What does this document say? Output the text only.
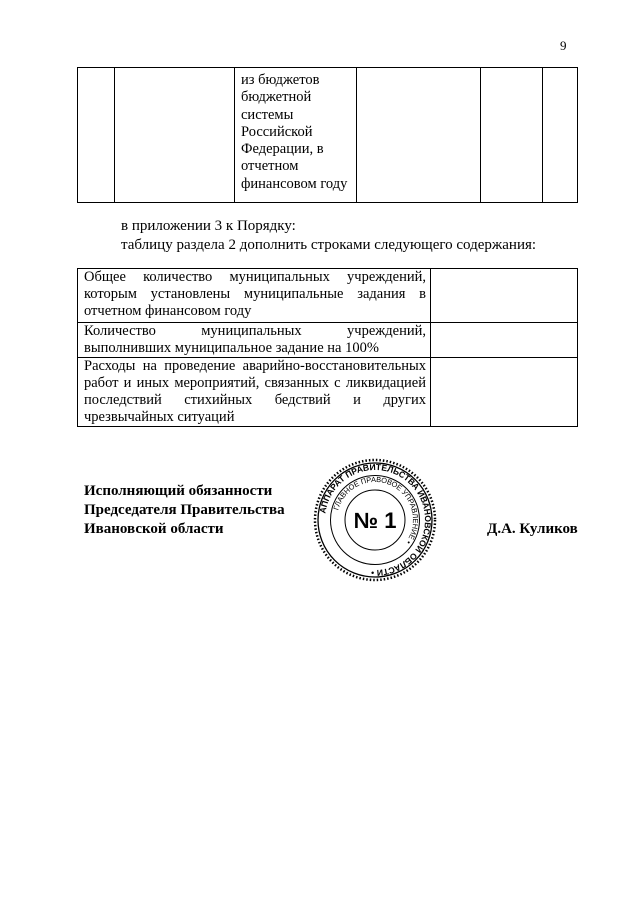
9

из бюджетов
бюджетной
системы
Российской
Федерации, в
отчетном
финансовом году

в приложении 3 к Порядку:
таблицу раздела 2 дополнить строками следующего содержания:
Общее количество муниципальных учреждений, которым установлены муниципальные задания в отчетном финансовом году	
Количество муниципальных учреждений, выполнивших муниципальное задание на 100%	
Расходы на проведение аварийно-восстановительных работ и иных мероприятий, связанных с ликвидацией последствий стихийных бедствий и других чрезвычайных ситуаций	
Исполняющий обязанности
Председателя Правительства
Ивановской области	Д.А. Куликов
АППАРАТ ПРАВИТЕЛЬСТВА ИВАНОВСКОЙ ОБЛАСТИ •
ГЛАВНОЕ ПРАВОВОЕ УПРАВЛЕНИЕ •
№ 1
